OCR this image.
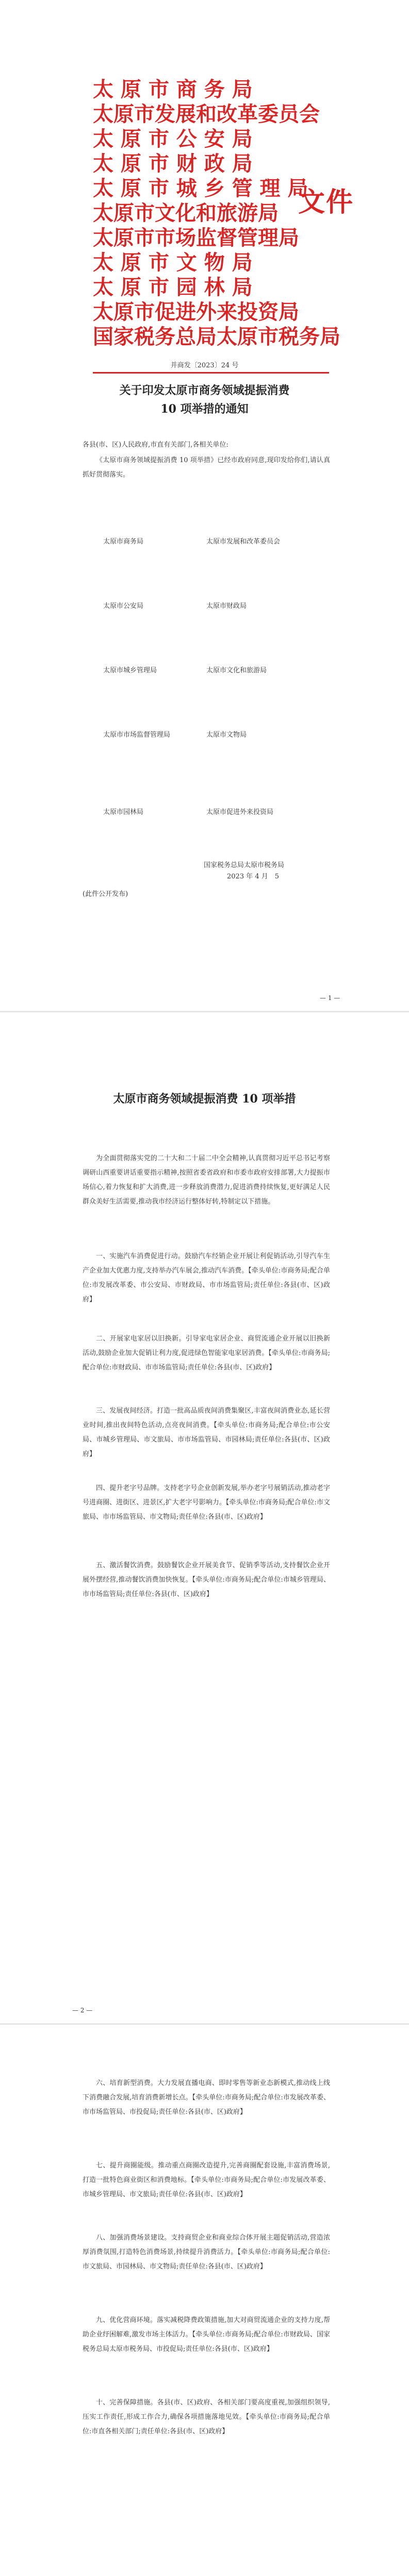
太 原 市 商 务 局
太原市发展和改革委员会
太 原 市 公 安 局
太 原 市 财 政 局
太 原 市 城 乡 管 理 局
太原市文化和旅游局
太原市市场监督管理局
太 原 市 文 物 局
太 原 市 园 林 局
太原市促进外来投资局
国家税务总局太原市税务局
文件
并商发〔2023〕24 号
关于印发太原市商务领域提振消费
10 项举措的通知
各县(市、区)人民政府,市直有关部门,各相关单位:
《太原市商务领域提振消费 10 项举措》已经市政府同意,现印发给你们,请认真抓好贯彻落实。
太原市商务局	太原市发展和改革委员会
太原市公安局	太原市财政局
太原市城乡管理局	太原市文化和旅游局
太原市市场监督管理局	太原市文物局
太原市园林局	太原市促进外来投资局
国家税务总局太原市税务局
2023 年 4 月　5
(此件公开发布)
— 1 —
太原市商务领域提振消费 10 项举措
为全面贯彻落实党的二十大和二十届二中全会精神,认真贯彻习近平总书记考察调研山西重要讲话重要指示精神,按照省委省政府和市委市政府安排部署,大力提振市场信心,着力恢复和扩大消费,进一步释放消费潜力,促进消费持续恢复,更好满足人民群众美好生活需要,推动我市经济运行整体好转,特制定以下措施。
一、实施汽车消费促进行动。鼓励汽车经销企业开展让利促销活动,引导汽车生产企业加大优惠力度,支持举办汽车展会,推动汽车消费。【牵头单位:市商务局;配合单位:市发展改革委、市公安局、市财政局、市市场监管局;责任单位:各县(市、区)政府】
二、开展家电家居以旧换新。引导家电家居企业、商贸流通企业开展以旧换新活动,鼓励企业加大促销让利力度,促进绿色智能家电家居消费。【牵头单位:市商务局;配合单位:市财政局、市市场监管局;责任单位:各县(市、区)政府】
三、发展夜间经济。打造一批高品质夜间消费集聚区,丰富夜间消费业态,延长营业时间,推出夜间特色活动,点亮夜间消费。【牵头单位:市商务局;配合单位:市公安局、市城乡管理局、市文旅局、市市场监管局、市园林局;责任单位:各县(市、区)政府】
四、提升老字号品牌。支持老字号企业创新发展,举办老字号展销活动,推动老字号进商圈、进街区、进景区,扩大老字号影响力。【牵头单位:市商务局;配合单位:市文旅局、市市场监管局、市文物局;责任单位:各县(市、区)政府】
五、激活餐饮消费。鼓励餐饮企业开展美食节、促销季等活动,支持餐饮企业开展外摆经营,推动餐饮消费加快恢复。【牵头单位:市商务局;配合单位:市城乡管理局、市市场监管局;责任单位:各县(市、区)政府】
— 2 —
六、培育新型消费。大力发展直播电商、即时零售等新业态新模式,推动线上线下消费融合发展,培育消费新增长点。【牵头单位:市商务局;配合单位:市发展改革委、市市场监管局、市投促局;责任单位:各县(市、区)政府】
七、提升商圈能级。推动重点商圈改造提升,完善商圈配套设施,丰富消费场景,打造一批特色商业街区和消费地标。【牵头单位:市商务局;配合单位:市发展改革委、市城乡管理局、市文旅局;责任单位:各县(市、区)政府】
八、加强消费场景建设。支持商贸企业和商业综合体开展主题促销活动,营造浓厚消费氛围,打造特色消费场景,持续提升消费活力。【牵头单位:市商务局;配合单位:市文旅局、市园林局、市文物局;责任单位:各县(市、区)政府】
九、优化营商环境。落实减税降费政策措施,加大对商贸流通企业的支持力度,帮助企业纾困解难,激发市场主体活力。【牵头单位:市商务局;配合单位:市财政局、国家税务总局太原市税务局、市投促局;责任单位:各县(市、区)政府】
十、完善保障措施。各县(市、区)政府、各相关部门要高度重视,加强组织领导,压实工作责任,形成工作合力,确保各项措施落地见效。【牵头单位:市商务局;配合单位:市直各相关部门;责任单位:各县(市、区)政府】
